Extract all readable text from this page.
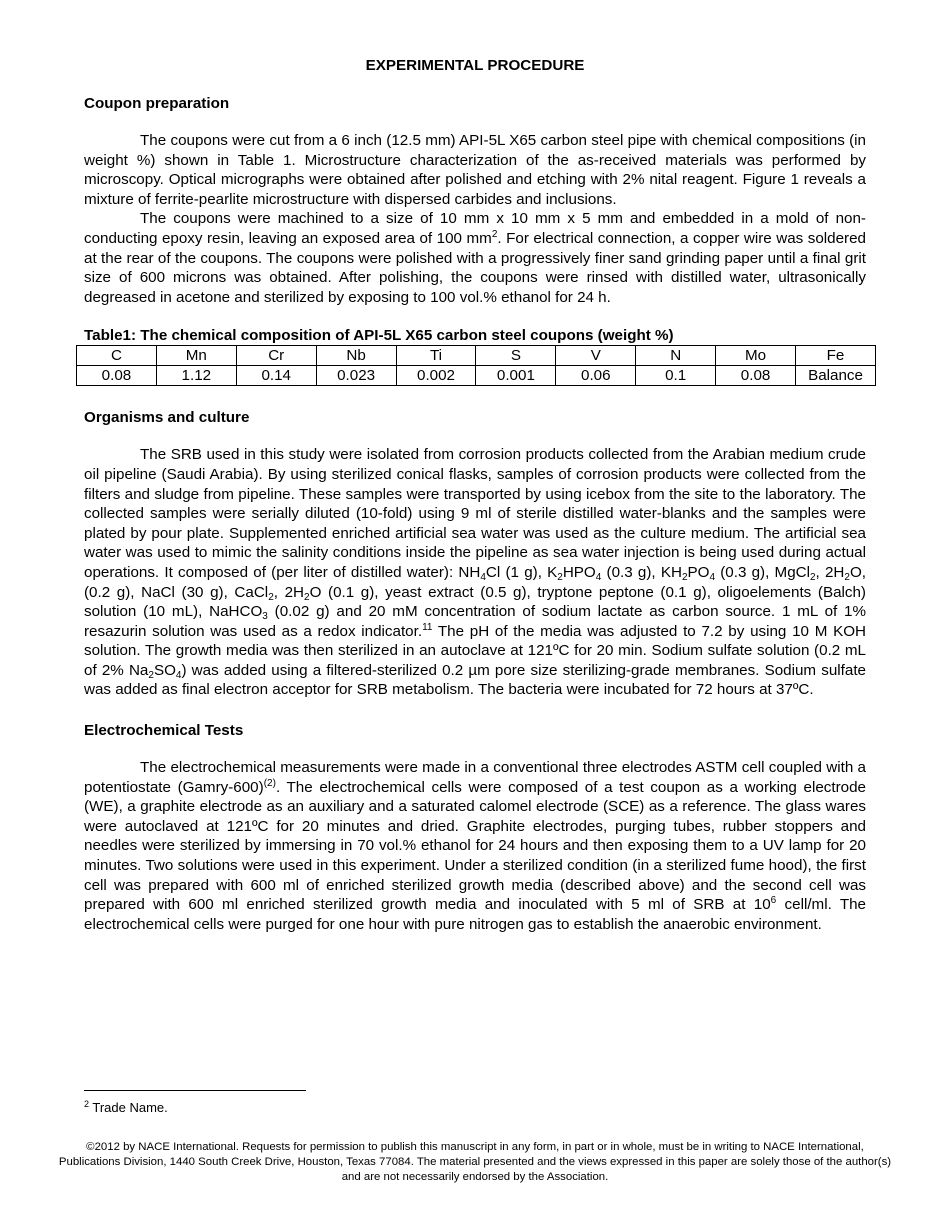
EXPERIMENTAL PROCEDURE
Coupon preparation

The coupons were cut from a 6 inch (12.5 mm) API-5L X65 carbon steel pipe with chemical compositions (in weight %) shown in Table 1. Microstructure characterization of the as-received materials was performed by microscopy. Optical micrographs were obtained after polished and etching with 2% nital reagent. Figure 1 reveals a mixture of ferrite-pearlite microstructure with dispersed carbides and inclusions.

The coupons were machined to a size of 10 mm x 10 mm x 5 mm and embedded in a mold of non-conducting epoxy resin, leaving an exposed area of 100 $mm^2$. For electrical connection, a copper wire was soldered at the rear of the coupons. The coupons were polished with a progressively finer sand grinding paper until a final grit size of 600 microns was obtained. After polishing, the coupons were rinsed with distilled water, ultrasonically degreased in acetone and sterilized by exposing to 100 vol.% ethanol for 24 h.

Table1: The chemical composition of API-5L X65 carbon steel coupons (weight %)
C	Mn	Cr	Nb	Ti	S	V	N	Mo	Fe
0.08	1.12	0.14	0.023	0.002	0.001	0.06	0.1	0.08	Balance
Organisms and culture

The SRB used in this study were isolated from corrosion products collected from the Arabian medium crude oil pipeline (Saudi Arabia). By using sterilized conical flasks, samples of corrosion products were collected from the filters and sludge from pipeline. These samples were transported by using icebox from the site to the laboratory. The collected samples were serially diluted (10-fold) using 9 ml of sterile distilled water-blanks and the samples were plated by pour plate. Supplemented enriched artificial sea water was used as the culture medium. The artificial sea water was used to mimic the salinity conditions inside the pipeline as sea water injection is being used during actual operations. It composed of (per liter of distilled water): $NH_4Cl$ (1 g), $K_2HPO_4$ (0.3 g), $KH_2PO_4$ (0.3 g), MgCl$_2$, $2H_2O$, (0.2 g), NaCl (30 g), CaCl$_2$, $2H_2O$ (0.1 g), yeast extract (0.5 g), tryptone peptone (0.1 g), oligoelements (Balch) solution (10 mL), NaHCO$_3$ (0.02 g) and 20 mM concentration of sodium lactate as carbon source. 1 mL of 1% resazurin solution was used as a redox indicator.$^{11}$ The pH of the media was adjusted to 7.2 by using 10 M KOH solution. The growth media was then sterilized in an autoclave at 121ºC for 20 min. Sodium sulfate solution (0.2 mL of 2% $Na_2SO_4$) was added using a filtered-sterilized 0.2 µm pore size sterilizing-grade membranes. Sodium sulfate was added as final electron acceptor for SRB metabolism. The bacteria were incubated for 72 hours at 37ºC.

Electrochemical Tests

The electrochemical measurements were made in a conventional three electrodes ASTM cell coupled with a potentiostate (Gamry-600)$^{(2)}$. The electrochemical cells were composed of a test coupon as a working electrode (WE), a graphite electrode as an auxiliary and a saturated calomel electrode (SCE) as a reference. The glass wares were autoclaved at 121ºC for 20 minutes and dried. Graphite electrodes, purging tubes, rubber stoppers and needles were sterilized by immersing in 70 vol.% ethanol for 24 hours and then exposing them to a UV lamp for 20 minutes. Two solutions were used in this experiment. Under a sterilized condition (in a sterilized fume hood), the first cell was prepared with 600 ml of enriched sterilized growth media (described above) and the second cell was prepared with 600 ml enriched sterilized growth media and inoculated with 5 ml of SRB at $10^6$ cell/ml. The electrochemical cells were purged for one hour with pure nitrogen gas to establish the anaerobic environment.

$^2$ Trade Name.
©2012 by NACE International. Requests for permission to publish this manuscript in any form, in part or in whole, must be in writing to NACE International, Publications Division, 1440 South Creek Drive, Houston, Texas 77084. The material presented and the views expressed in this paper are solely those of the author(s) and are not necessarily endorsed by the Association.
